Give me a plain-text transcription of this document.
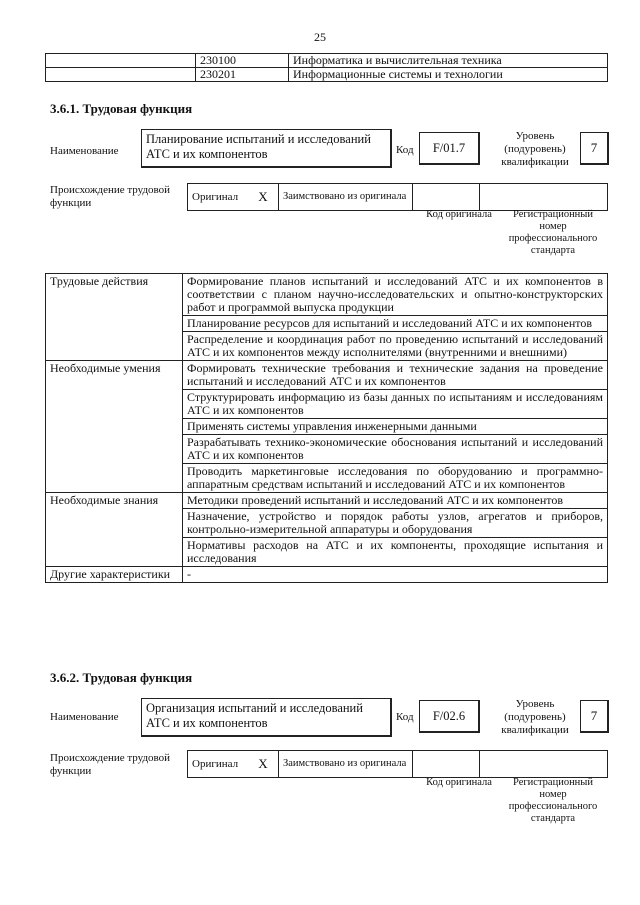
25
	230100	Информатика и вычислительная техника
	230201	Информационные системы и технологии
3.6.1. Трудовая функция
Наименование
Планирование испытаний и исследований АТС и их компонентов	Код	F/01.7
Уровень (подуровень) квалификации
7
Происхождение трудовой функции	Оригинал	X	Заимствовано из оригинала		
Код оригинала	Регистрационный номер профессионального стандарта
Трудовые действия	Формирование планов испытаний и исследований АТС и их компонентов в соответствии с планом научно-исследовательских и опытно-конструкторских работ и программой выпуска продукции
	Планирование ресурсов для испытаний и исследований АТС и их компонентов
	Распределение и координация работ по проведению испытаний и исследований АТС и их компонентов между исполнителями (внутренними и внешними)
Необходимые умения	Формировать технические требования и технические задания на проведение испытаний и исследований АТС и их компонентов
	Структурировать информацию из базы данных по испытаниям и исследованиям АТС и их компонентов
	Применять системы управления инженерными данными
	Разрабатывать технико-экономические обоснования испытаний и исследований АТС и их компонентов
	Проводить маркетинговые исследования по оборудованию и программно-аппаратным средствам испытаний и исследований АТС и их компонентов
Необходимые знания	Методики проведений испытаний и исследований АТС и их компонентов
	Назначение, устройство и порядок работы узлов, агрегатов и приборов, контрольно-измерительной аппаратуры и оборудования
	Нормативы расходов на АТС и их компоненты, проходящие испытания и исследования
Другие характеристики	-
3.6.2. Трудовая функция
Наименование
Организация испытаний и исследований АТС и их компонентов	Код	F/02.6
Уровень (подуровень) квалификации
7
Происхождение трудовой функции
Оригинал	X	Заимствовано из оригинала		
Код оригинала	Регистрационный номер профессионального стандарта
